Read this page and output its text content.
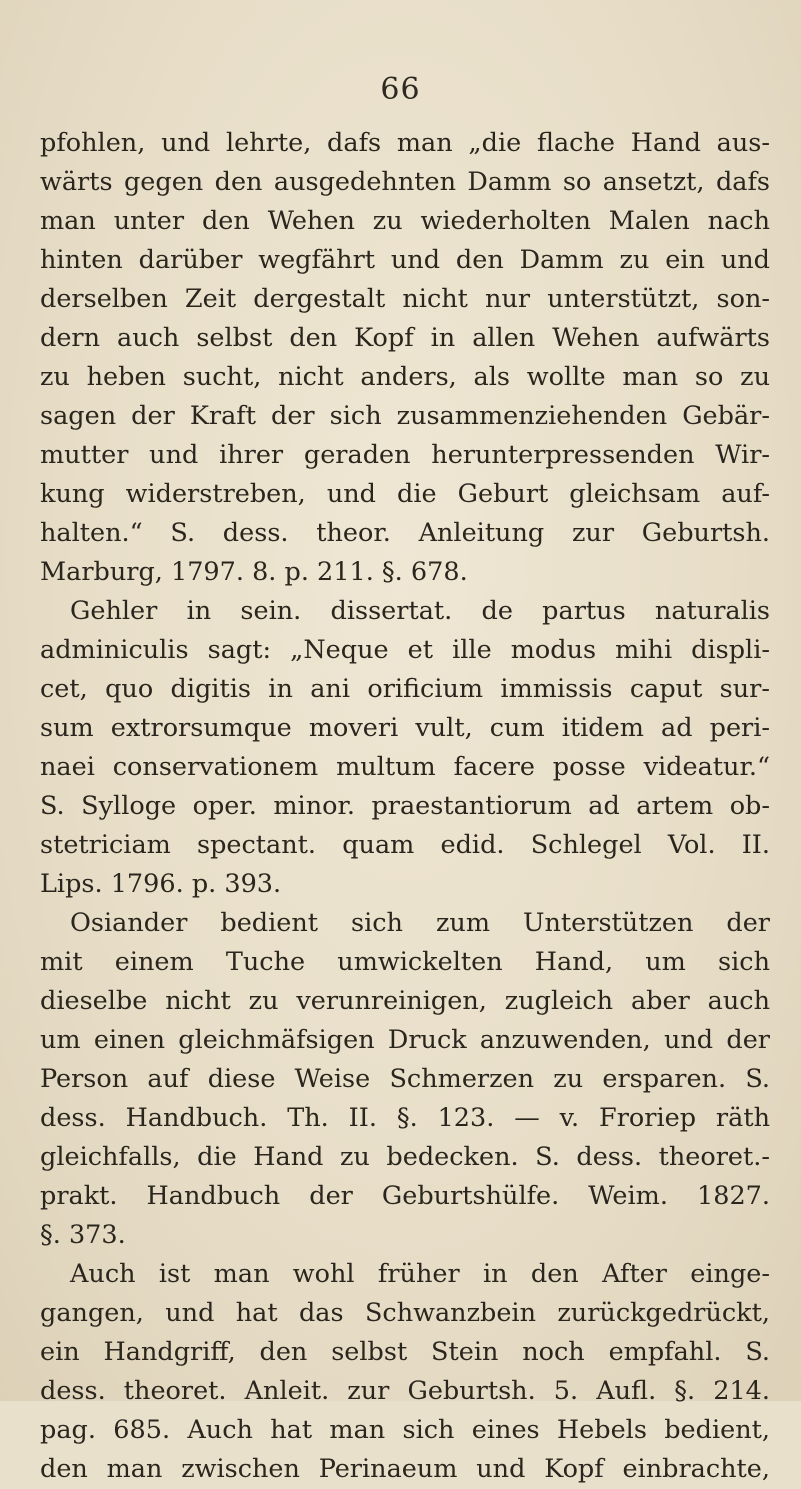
66
pfohlen, und lehrte, dafs man „die flache Hand aus-
wärts gegen den ausgedehnten Damm so ansetzt, dafs
man unter den Wehen zu wiederholten Malen nach
hinten darüber wegfährt und den Damm zu ein und
derselben Zeit dergestalt nicht nur unterstützt, son-
dern auch selbst den Kopf in allen Wehen aufwärts
zu heben sucht, nicht anders, als wollte man so zu
sagen der Kraft der sich zusammenziehenden Gebär-
mutter und ihrer geraden herunterpressenden Wir-
kung widerstreben, und die Geburt gleichsam auf-
halten.“ S. dess. theor. Anleitung zur Geburtsh.
Marburg, 1797. 8. p. 211. §. 678.
Gehler in sein. dissertat. de partus naturalis
adminiculis sagt: „Neque et ille modus mihi displi-
cet, quo digitis in ani orificium immissis caput sur-
sum extrorsumque moveri vult, cum itidem ad peri-
naei conservationem multum facere posse videatur.“
S. Sylloge oper. minor. praestantiorum ad artem ob-
stetriciam spectant. quam edid. Schlegel Vol. II.
Lips. 1796. p. 393.
Osiander bedient sich zum Unterstützen der
mit einem Tuche umwickelten Hand, um sich
dieselbe nicht zu verunreinigen, zugleich aber auch
um einen gleichmäfsigen Druck anzuwenden, und der
Person auf diese Weise Schmerzen zu ersparen. S.
dess. Handbuch. Th. II. §. 123. — v. Froriep räth
gleichfalls, die Hand zu bedecken. S. dess. theoret.-
prakt. Handbuch der Geburtshülfe. Weim. 1827.
§. 373.
Auch ist man wohl früher in den After einge-
gangen, und hat das Schwanzbein zurückgedrückt,
ein Handgriff, den selbst Stein noch empfahl. S.
dess. theoret. Anleit. zur Geburtsh. 5. Aufl. §. 214.
pag. 685. Auch hat man sich eines Hebels bedient,
den man zwischen Perinaeum und Kopf einbrachte,
